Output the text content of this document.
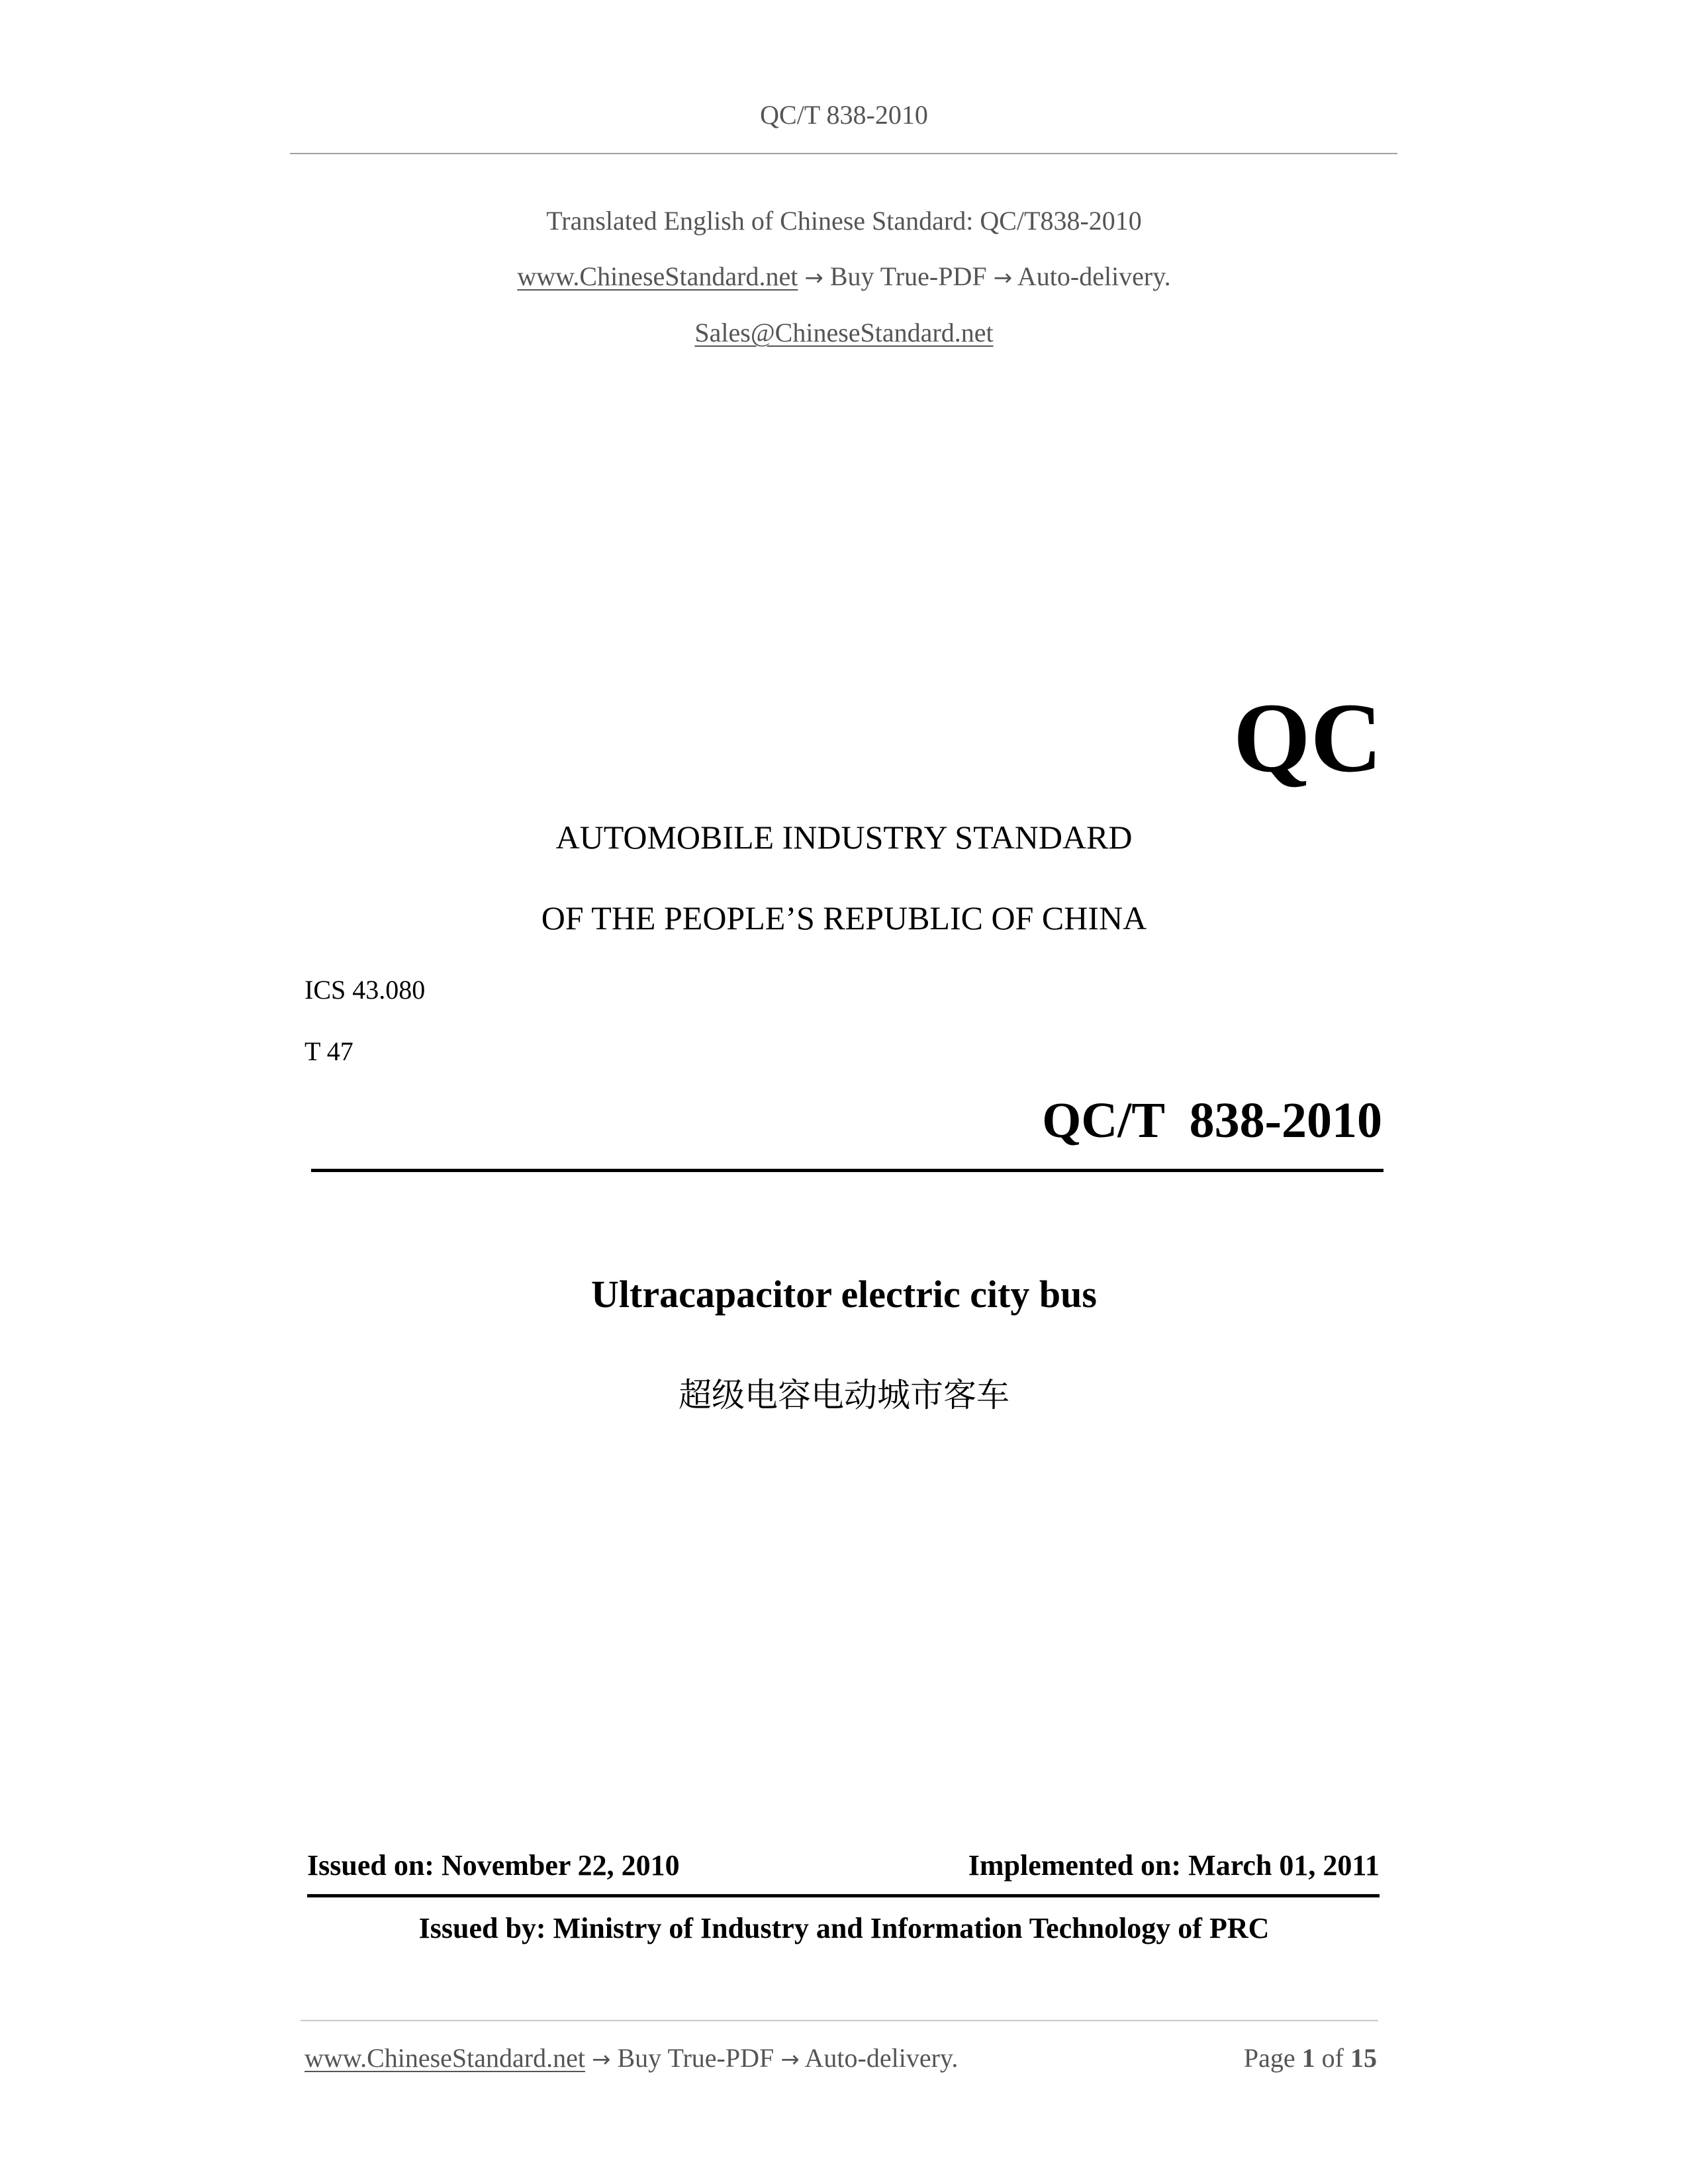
QC/T 838-2010
Translated English of Chinese Standard: QC/T838-2010
www.ChineseStandard.net → Buy True-PDF → Auto-delivery.
Sales@ChineseStandard.net
QC
AUTOMOBILE INDUSTRY STANDARD
OF THE PEOPLE’S REPUBLIC OF CHINA
ICS 43.080
T 47
QC/T  838-2010
Ultracapacitor electric city bus
超级电容电动城市客车
Issued on: November 22, 2010	Implemented on: March 01, 2011
Issued by: Ministry of Industry and Information Technology of PRC
www.ChineseStandard.net → Buy True-PDF → Auto-delivery.	Page 1 of 15
